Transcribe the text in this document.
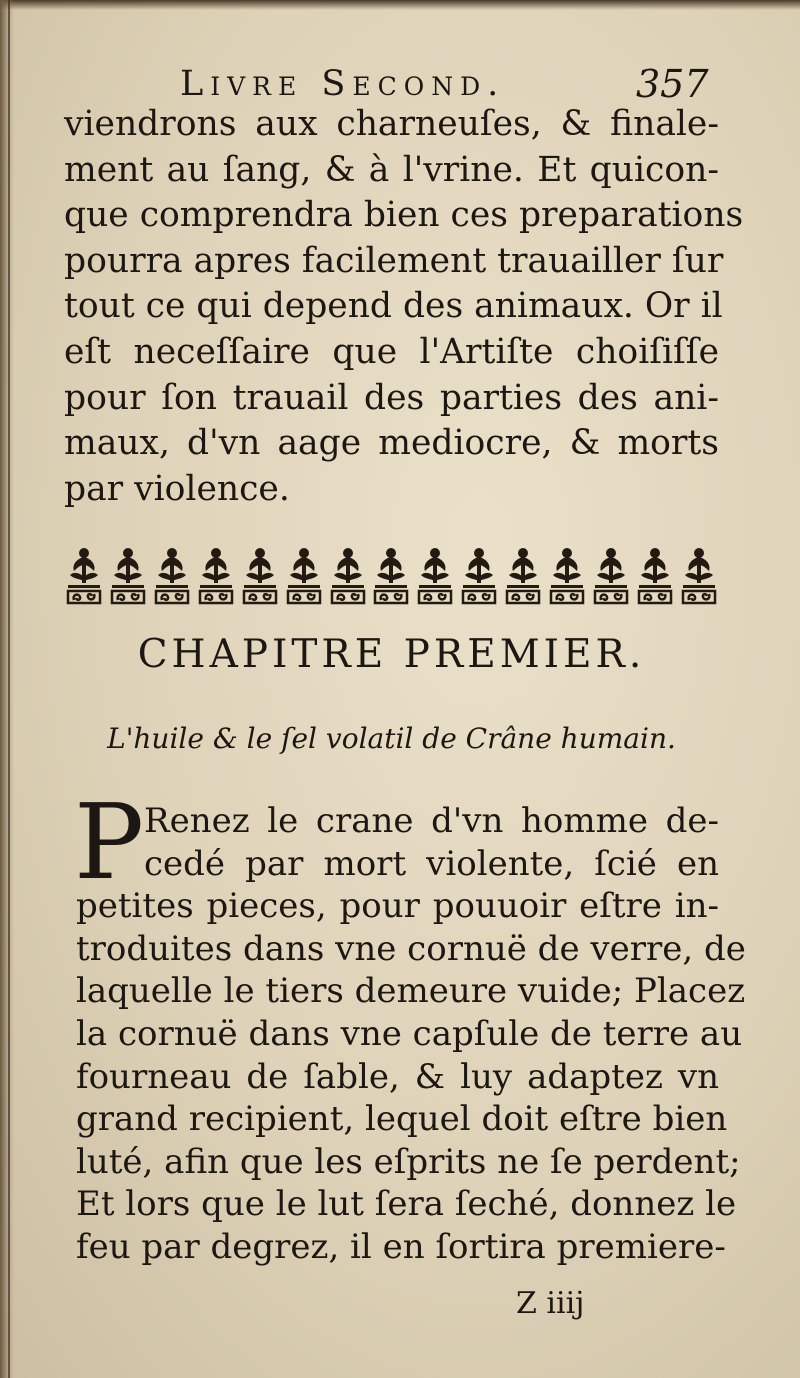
Livre Second.	357
viendrons aux charneuſes, & finale-
ment au ſang, & à l'vrine. Et quicon-
que comprendra bien ces preparations
pourra apres facilement trauailler ſur
tout ce qui depend des animaux. Or il
eſt neceſſaire que l'Artiſte choiſiſſe
pour ſon trauail des parties des ani-
maux, d'vn aage mediocre, & morts
par violence.
CHAPITRE PREMIER.
L'huile & le ſel volatil de Crâne humain.
P Renez le crane d'vn homme de-
cedé par mort violente, ſcié en
petites pieces, pour pouuoir eſtre in-
troduites dans vne cornuë de verre, de
laquelle le tiers demeure vuide; Placez
la cornuë dans vne capſule de terre au
fourneau de ſable, & luy adaptez vn
grand recipient, lequel doit eſtre bien
luté, afin que les eſprits ne ſe perdent;
Et lors que le lut ſera ſeché, donnez le
feu par degrez, il en ſortira premiere-
Z iiij
